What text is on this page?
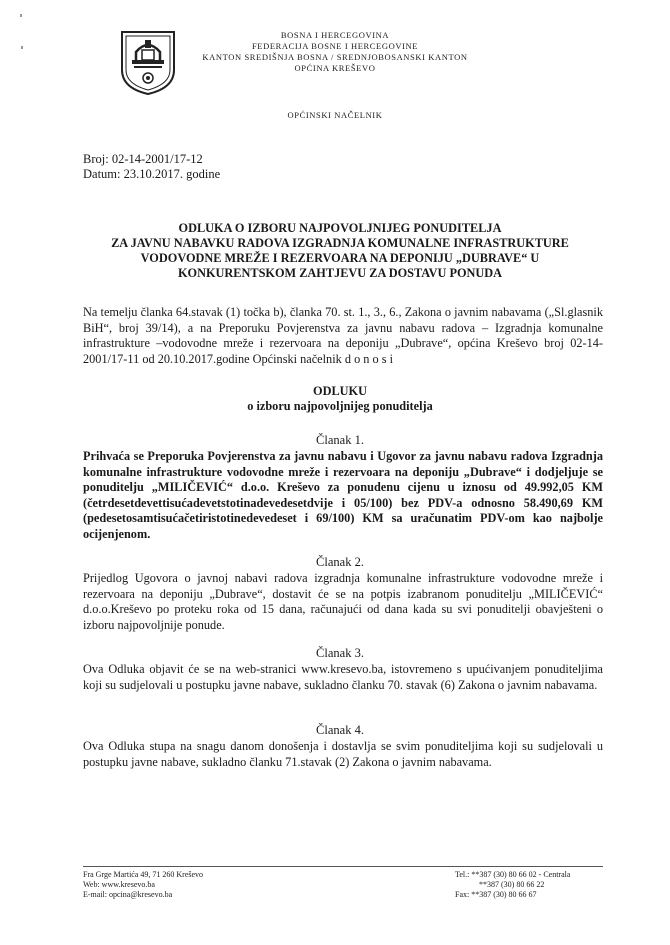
BOSNA I HERCEGOVINA
FEDERACIJA BOSNE I HERCEGOVINE
KANTON SREDIŠNJA BOSNA / SREDNJOBOSANSKI KANTON
OPĆINA KREŠEVO
OPĆINSKI NAČELNIK
Broj: 02-14-2001/17-12
Datum: 23.10.2017. godine
ODLUKA O IZBORU NAJPOVOLJNIJEG PONUDITELJA
ZA JAVNU NABAVKU RADOVA IZGRADNJA KOMUNALNE INFRASTRUKTURE
VODOVODNE MREŽE I REZERVOARA NA DEPONIJU „DUBRAVE“ U
KONKURENTSKOM ZAHTJEVU ZA DOSTAVU PONUDA
Na temelju članka 64.stavak (1) točka b), članka 70. st. 1., 3., 6., Zakona o javnim nabavama („Sl.glasnik BiH“, broj 39/14), a na Preporuku Povjerenstva za javnu nabavu radova – Izgradnja komunalne infrastrukture –vodovodne mreže i rezervoara na deponiju „Dubrave“, općina Kreševo broj 02-14-2001/17-11 od 20.10.2017.godine Općinski načelnik d o n o s i
ODLUKU
o izboru najpovoljnijeg ponuditelja
Članak 1.
Prihvaća se Preporuka Povjerenstva za javnu nabavu i Ugovor za javnu nabavu radova Izgradnja komunalne infrastrukture vodovodne mreže i rezervoara na deponiju „Dubrave“ i dodjeljuje se ponuditelju „MILIČEVIĆ“ d.o.o. Kreševo za ponudenu cijenu u iznosu od 49.992,05 KM (četrdesetdevettisućadevetstotinadevedesetdvije i 05/100) bez PDV-a odnosno 58.490,69 KM (pedesetosamtisućačetiristotinedevedeset i 69/100) KM sa uračunatim PDV-om kao najbolje ocijenjenom.
Članak 2.
Prijedlog Ugovora o javnoj nabavi radova izgradnja komunalne infrastrukture vodovodne mreže i rezervoara na deponiju „Dubrave“, dostavit će se na potpis izabranom ponuditelju „MILIČEVIĆ“ d.o.o.Kreševo po proteku roka od 15 dana, računajući od dana kada su svi ponuditelji obavješteni o izboru najpovoljnije ponude.
Članak 3.
Ova Odluka objavit će se na web-stranici www.kresevo.ba, istovremeno s upućivanjem ponuditeljima koji su sudjelovali u postupku javne nabave, sukladno članku 70. stavak (6) Zakona o javnim nabavama.
Članak 4.
Ova Odluka stupa na snagu danom donošenja i dostavlja se svim ponuditeljima koji su sudjelovali u postupku javne nabave, sukladno članku 71.stavak (2) Zakona o javnim nabavama.
Fra Grge Martića 49, 71 260 Kreševo
Web: www.kresevo.ba
E-mail: opcina@kresevo.ba
Tel.: **387 (30) 80 66 02 - Centrala
**387 (30) 80 66 22
Fax: **387 (30) 80 66 67
